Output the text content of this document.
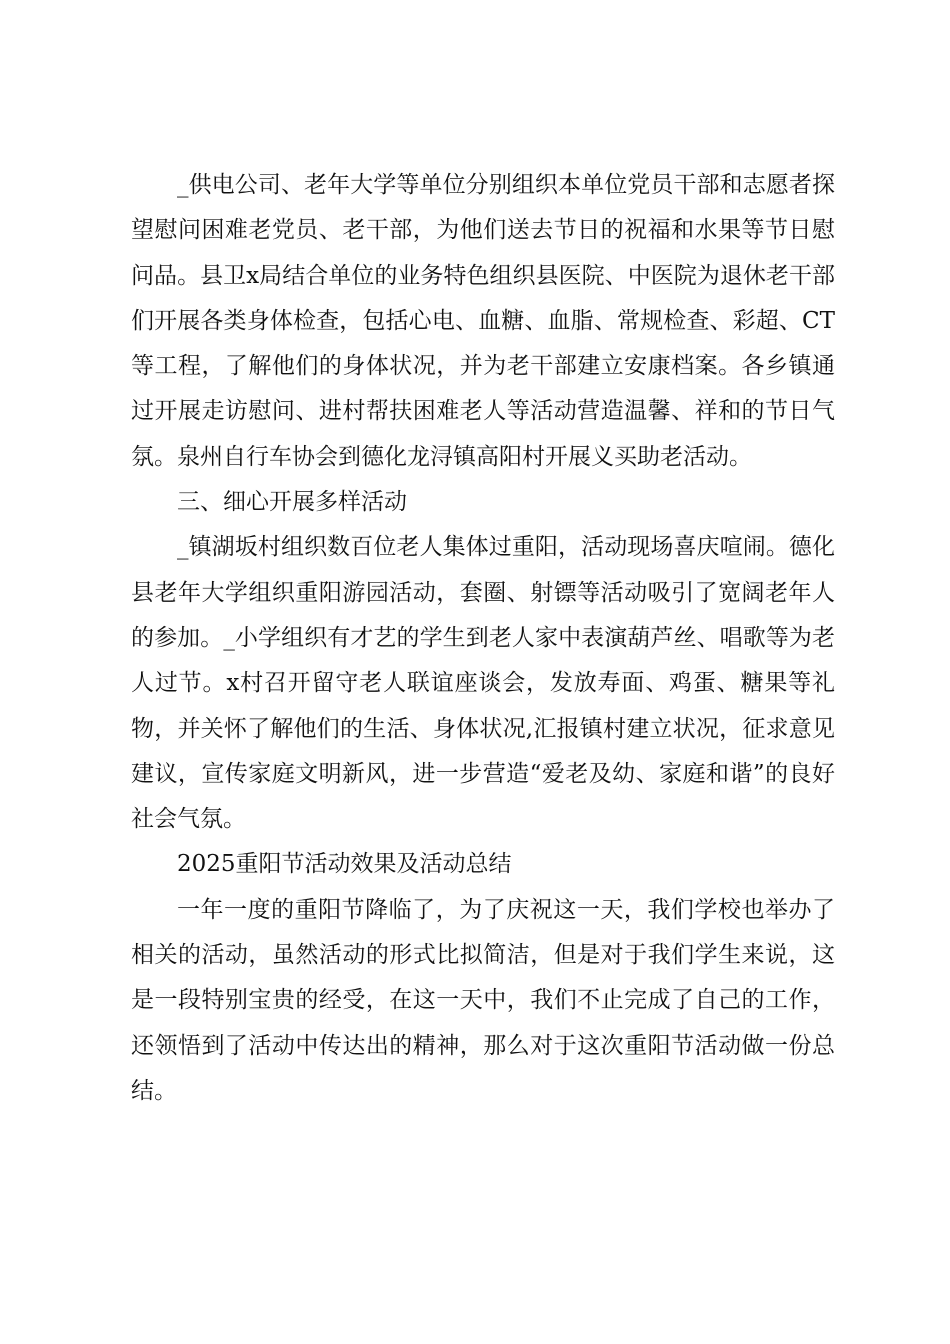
_供电公司、老年大学等单位分别组织本单位党员干部和志愿者探望慰问困难老党员、老干部，为他们送去节日的祝福和水果等节日慰问品。县卫x局结合单位的业务特色组织县医院、中医院为退休老干部们开展各类身体检查，包括心电、血糖、血脂、常规检查、彩超、CT等工程，了解他们的身体状况，并为老干部建立安康档案。各乡镇通过开展走访慰问、进村帮扶困难老人等活动营造温馨、祥和的节日气氛。泉州自行车协会到德化龙浔镇高阳村开展义买助老活动。

三、细心开展多样活动

_镇湖坂村组织数百位老人集体过重阳，活动现场喜庆喧闹。德化县老年大学组织重阳游园活动，套圈、射镖等活动吸引了宽阔老年人的参加。_小学组织有才艺的学生到老人家中表演葫芦丝、唱歌等为老人过节。x村召开留守老人联谊座谈会，发放寿面、鸡蛋、糖果等礼物，并关怀了解他们的生活、身体状况,汇报镇村建立状况，征求意见建议，宣传家庭文明新风，进一步营造“爱老及幼、家庭和谐”的良好社会气氛。

2025重阳节活动效果及活动总结

一年一度的重阳节降临了，为了庆祝这一天，我们学校也举办了相关的活动，虽然活动的形式比拟简洁，但是对于我们学生来说，这是一段特别宝贵的经受，在这一天中，我们不止完成了自己的工作，还领悟到了活动中传达出的精神，那么对于这次重阳节活动做一份总结。
